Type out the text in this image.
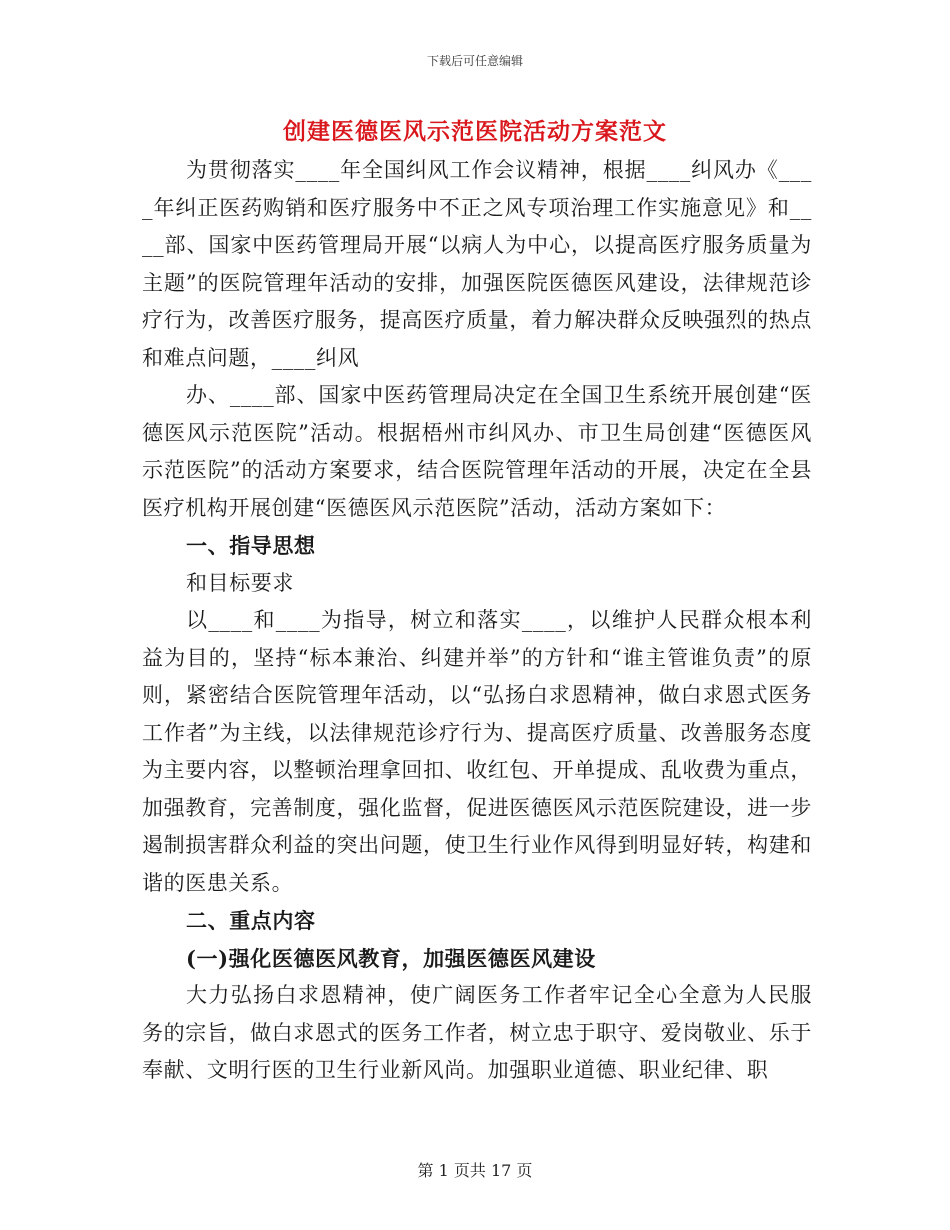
下载后可任意编辑
创建医德医风示范医院活动方案范文

为贯彻落实____年全国纠风工作会议精神，根据____纠风办《____年纠正医药购销和医疗服务中不正之风专项治理工作实施意见》和____部、国家中医药管理局开展“以病人为中心，以提高医疗服务质量为主题”的医院管理年活动的安排，加强医院医德医风建设，法律规范诊疗行为，改善医疗服务，提高医疗质量，着力解决群众反映强烈的热点和难点问题，____纠风

办、____部、国家中医药管理局决定在全国卫生系统开展创建“医德医风示范医院”活动。根据梧州市纠风办、市卫生局创建“医德医风示范医院”的活动方案要求，结合医院管理年活动的开展，决定在全县医疗机构开展创建“医德医风示范医院”活动，活动方案如下：

一、指导思想

和目标要求

以____和____为指导，树立和落实____，以维护人民群众根本利益为目的，坚持“标本兼治、纠建并举”的方针和“谁主管谁负责”的原则，紧密结合医院管理年活动，以“弘扬白求恩精神，做白求恩式医务工作者”为主线，以法律规范诊疗行为、提高医疗质量、改善服务态度为主要内容，以整顿治理拿回扣、收红包、开单提成、乱收费为重点，加强教育，完善制度，强化监督，促进医德医风示范医院建设，进一步遏制损害群众利益的突出问题，使卫生行业作风得到明显好转，构建和谐的医患关系。

二、重点内容

(一)强化医德医风教育，加强医德医风建设

大力弘扬白求恩精神，使广阔医务工作者牢记全心全意为人民服务的宗旨，做白求恩式的医务工作者，树立忠于职守、爱岗敬业、乐于奉献、文明行医的卫生行业新风尚。加强职业道德、职业纪律、职

第 1 页共 17 页
